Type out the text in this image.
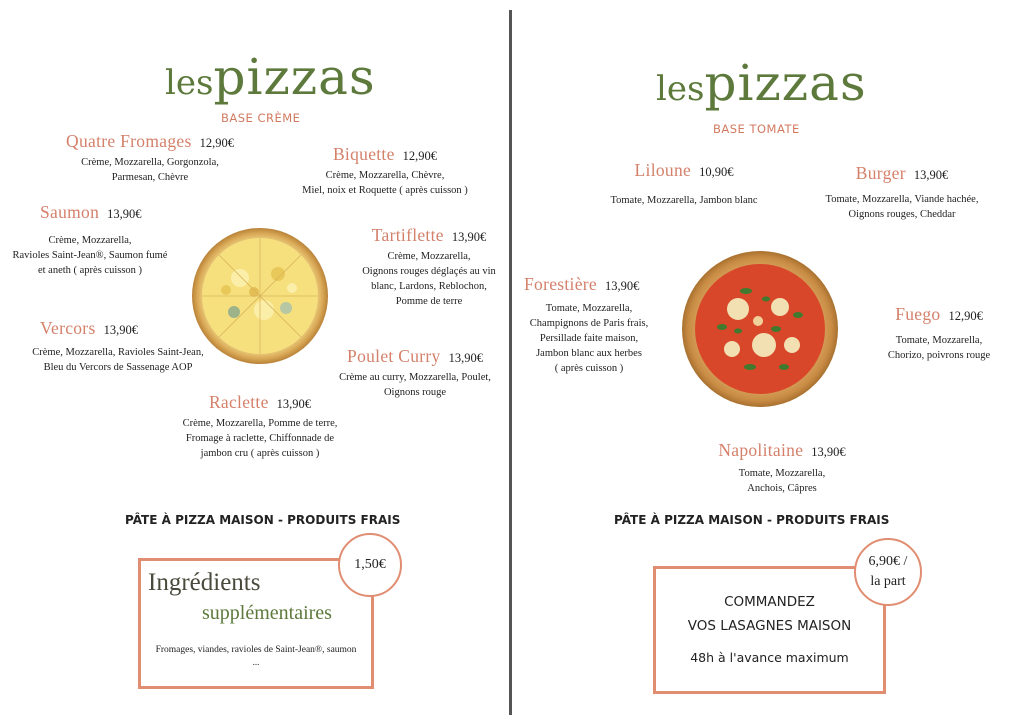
lespizzas
BASE CRÈME
Quatre Fromages 12,90€
Crème, Mozzarella, Gorgonzola,
Parmesan, Chèvre
Biquette 12,90€
Crème, Mozzarella, Chèvre,
Miel, noix et Roquette ( après cuisson )
Saumon 13,90€
Crème, Mozzarella,
Ravioles Saint-Jean®, Saumon fumé
et aneth ( après cuisson )
Tartiflette 13,90€
Crème, Mozzarella,
Oignons rouges déglaçés au vin
blanc, Lardons, Reblochon,
Pomme de terre
Vercors 13,90€
Crème, Mozzarella, Ravioles Saint-Jean,
Bleu du Vercors de Sassenage AOP
Poulet Curry 13,90€
Crème au curry, Mozzarella, Poulet,
Oignons rouge
Raclette 13,90€
Crème, Mozzarella, Pomme de terre,
Fromage à raclette, Chiffonnade de
jambon cru ( après cuisson )
PÂTE À PIZZA MAISON - PRODUITS FRAIS
Ingrédients
supplémentaires
Fromages, viandes, ravioles de Saint-Jean®, saumon
...
1,50€
lespizzas
BASE TOMATE
Liloune 10,90€
Tomate, Mozzarella, Jambon blanc
Burger 13,90€
Tomate, Mozzarella, Viande hachée,
Oignons rouges, Cheddar
Forestière 13,90€
Tomate, Mozzarella,
Champignons de Paris frais,
Persillade faite maison,
Jambon blanc aux herbes
( après cuisson )
Fuego 12,90€
Tomate, Mozzarella,
Chorizo, poivrons rouge
Napolitaine 13,90€
Tomate, Mozzarella,
Anchois, Câpres
PÂTE À PIZZA MAISON - PRODUITS FRAIS
COMMANDEZ
VOS LASAGNES MAISON
48h à l'avance maximum
6,90€ /
la part
